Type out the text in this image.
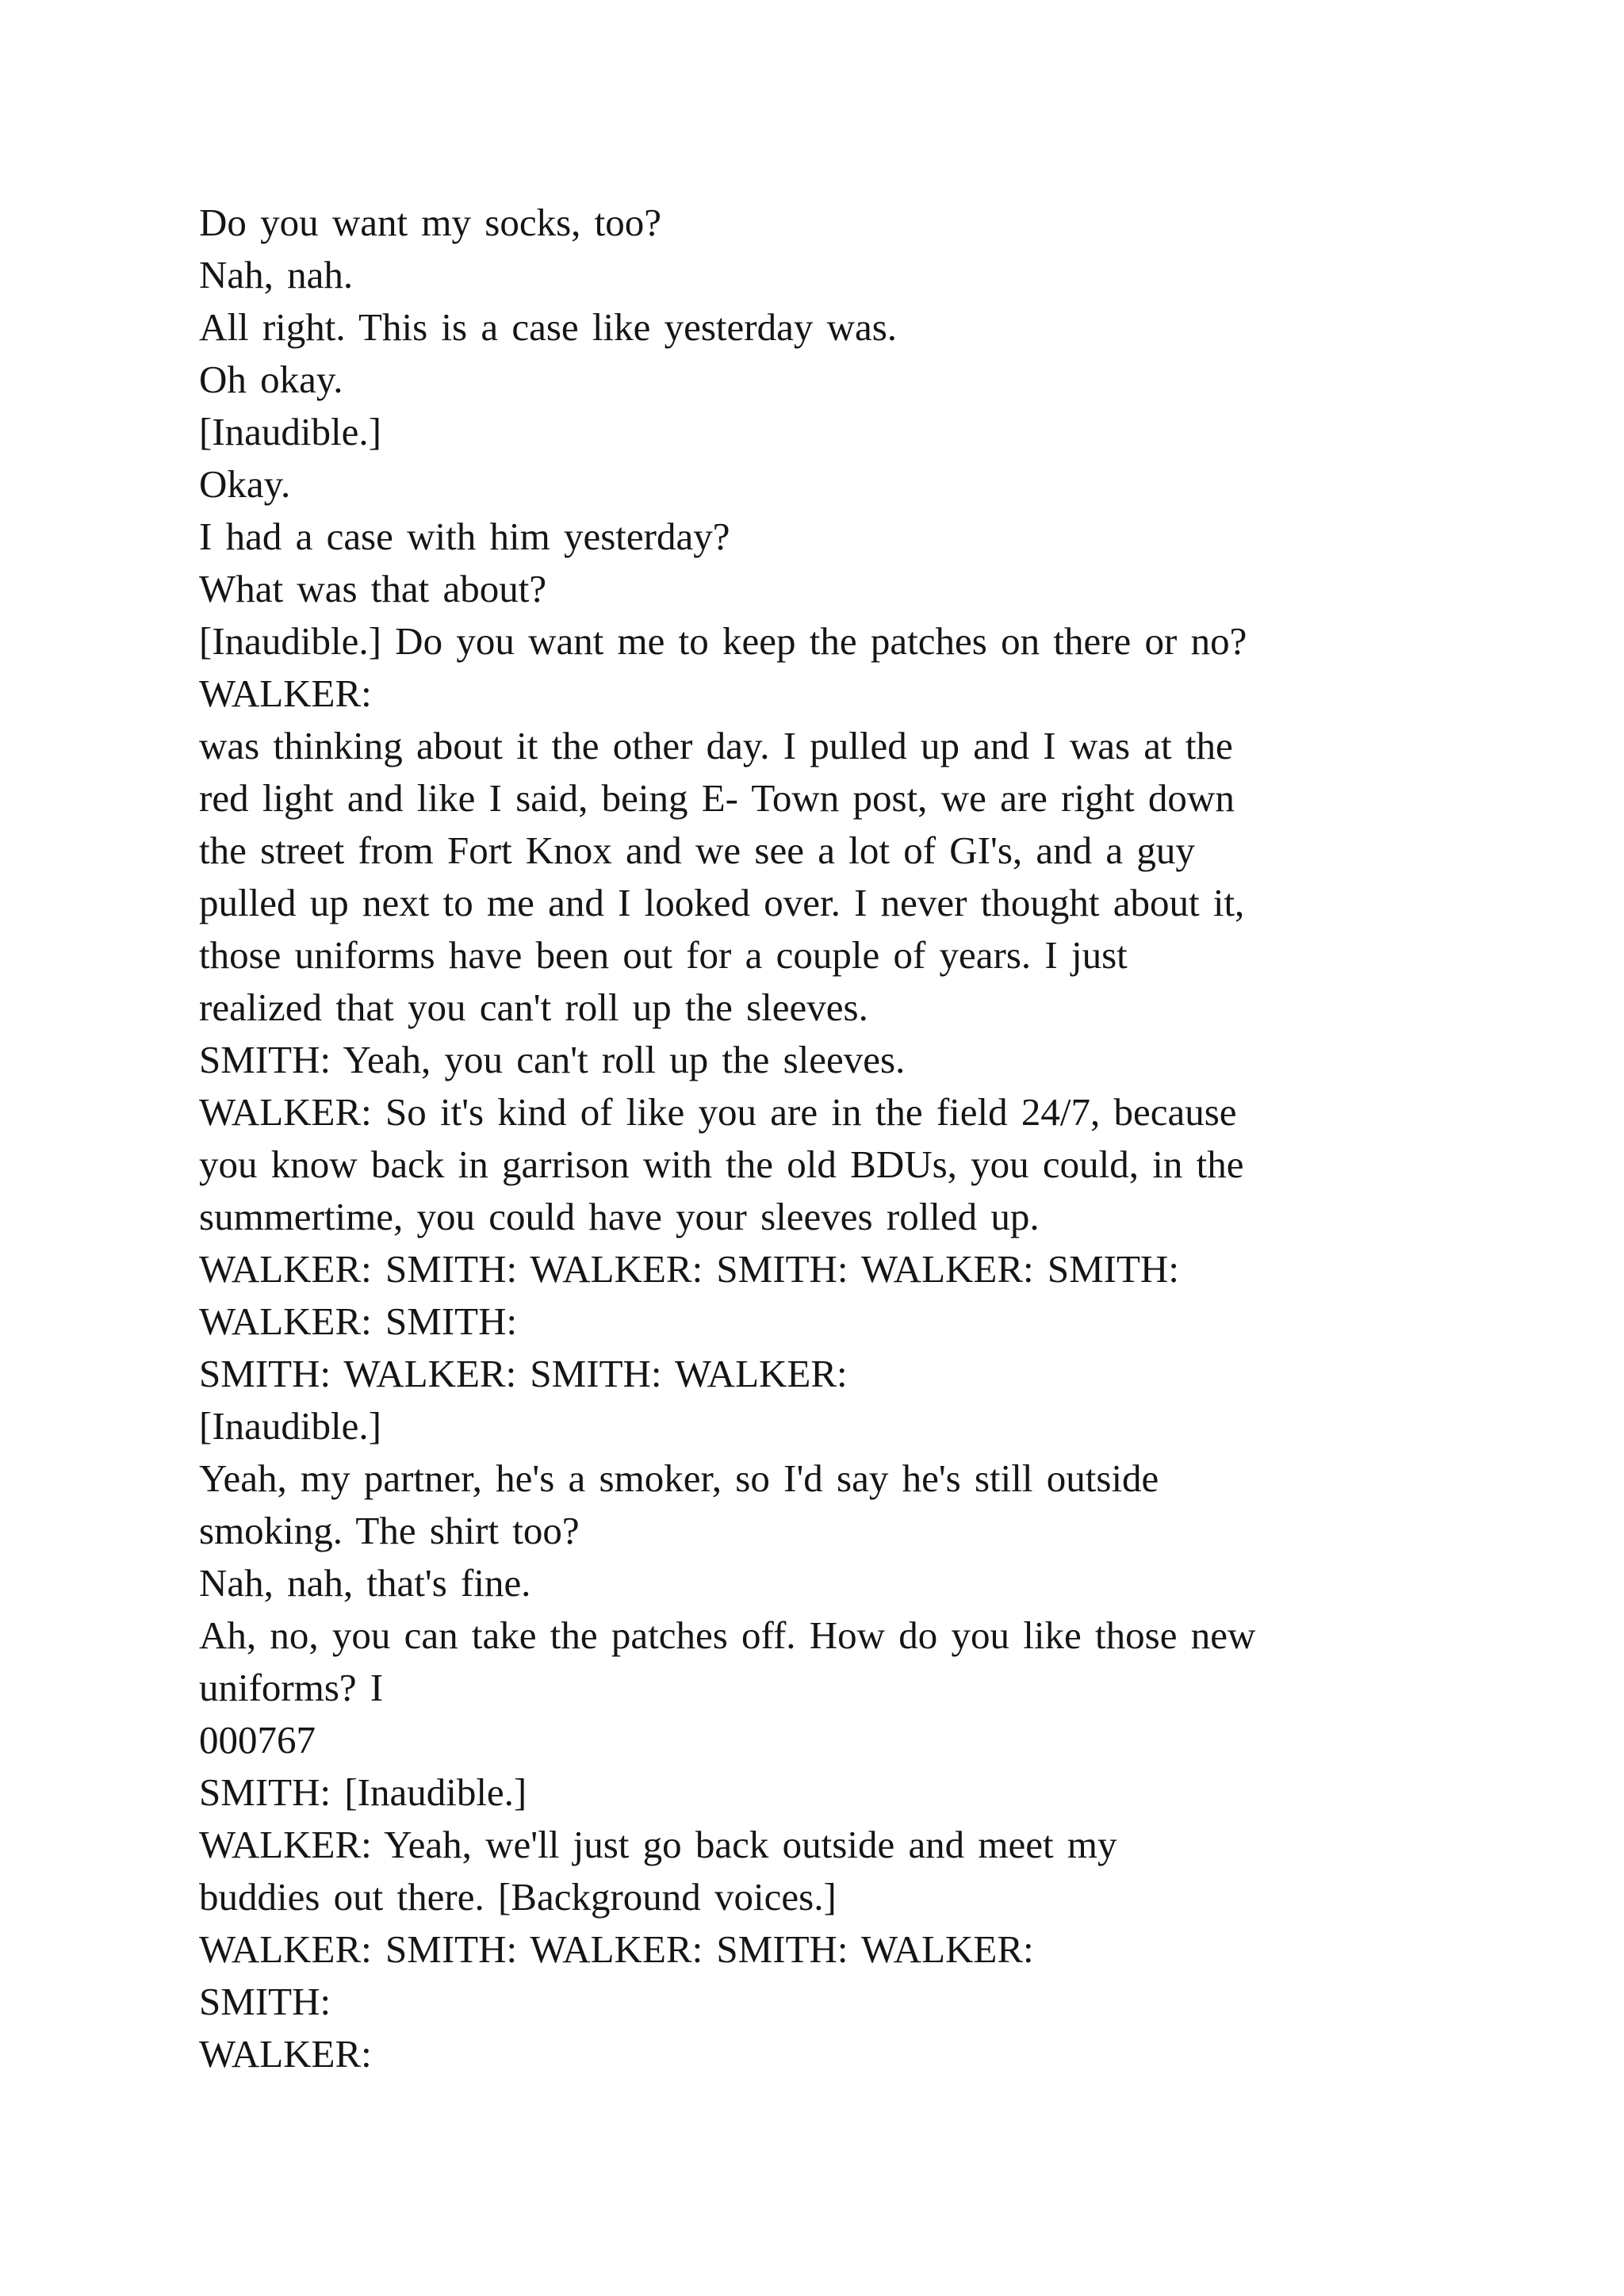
Do you want my socks, too?
Nah, nah.
All right. This is a case like yesterday was.
Oh okay.
[Inaudible.]
Okay.
I had a case with him yesterday?
What was that about?
[Inaudible.] Do you want me to keep the patches on there or no?
WALKER:
was thinking about it the other day. I pulled up and I was at the
red light and like I said, being E- Town post, we are right down
the street from Fort Knox and we see a lot of GI's, and a guy
pulled up next to me and I looked over. I never thought about it,
those uniforms have been out for a couple of years. I just
realized that you can't roll up the sleeves.
SMITH: Yeah, you can't roll up the sleeves.
WALKER: So it's kind of like you are in the field 24/7, because
you know back in garrison with the old BDUs, you could, in the
summertime, you could have your sleeves rolled up.
WALKER: SMITH: WALKER: SMITH: WALKER: SMITH:
WALKER: SMITH:
SMITH: WALKER: SMITH: WALKER:
[Inaudible.]
Yeah, my partner, he's a smoker, so I'd say he's still outside
smoking. The shirt too?
Nah, nah, that's fine.
Ah, no, you can take the patches off. How do you like those new
uniforms? I
000767
SMITH: [Inaudible.]
WALKER: Yeah, we'll just go back outside and meet my
buddies out there. [Background voices.]
WALKER: SMITH: WALKER: SMITH: WALKER:
SMITH:
WALKER:
